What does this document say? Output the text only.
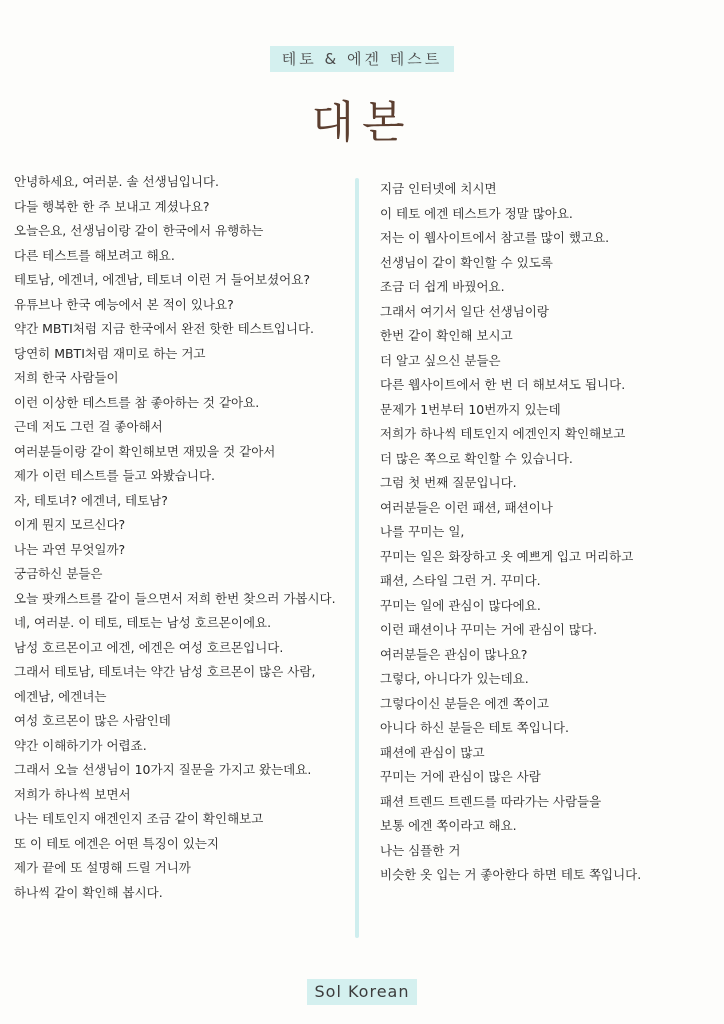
테토 & 에겐 테스트
대본
안녕하세요, 여러분. 솔 선생님입니다.
다들 행복한 한 주 보내고 계셨나요?
오늘은요, 선생님이랑 같이 한국에서 유행하는
다른 테스트를 해보려고 해요.
테토남, 에겐녀, 에겐남, 테토녀 이런 거 들어보셨어요?
유튜브나 한국 예능에서 본 적이 있나요?
약간 MBTI처럼 지금 한국에서 완전 핫한 테스트입니다.
당연히 MBTI처럼 재미로 하는 거고
저희 한국 사람들이
이런 이상한 테스트를 참 좋아하는 것 같아요.
근데 저도 그런 걸 좋아해서
여러분들이랑 같이 확인해보면 재밌을 것 같아서
제가 이런 테스트를 들고 와봤습니다.
자, 테토녀? 에겐녀, 테토남?
이게 뭔지 모르신다?
나는 과연 무엇일까?
궁금하신 분들은
오늘 팟캐스트를 같이 들으면서 저희 한번 찾으러 가봅시다.
네, 여러분. 이 테토, 테토는 남성 호르몬이에요.
남성 호르몬이고 에겐, 에겐은 여성 호르몬입니다.
그래서 테토남, 테토녀는 약간 남성 호르몬이 많은 사람,
에겐남, 에겐녀는
여성 호르몬이 많은 사람인데
약간 이해하기가 어렵죠.
그래서 오늘 선생님이 10가지 질문을 가지고 왔는데요.
저희가 하나씩 보면서
나는 테토인지 애겐인지 조금 같이 확인해보고
또 이 테토 에겐은 어떤 특징이 있는지
제가 끝에 또 설명해 드릴 거니까
하나씩 같이 확인해 봅시다.
지금 인터넷에 치시면
이 테토 에겐 테스트가 정말 많아요.
저는 이 웹사이트에서 참고를 많이 했고요.
선생님이 같이 확인할 수 있도록
조금 더 쉽게 바꿨어요.
그래서 여기서 일단 선생님이랑
한번 같이 확인해 보시고
더 알고 싶으신 분들은
다른 웹사이트에서 한 번 더 해보셔도 됩니다.
문제가 1번부터 10번까지 있는데
저희가 하나씩 테토인지 에겐인지 확인해보고
더 많은 쪽으로 확인할 수 있습니다.
그럼 첫 번째 질문입니다.
여러분들은 이런 패션, 패션이나
나를 꾸미는 일,
꾸미는 일은 화장하고 옷 예쁘게 입고 머리하고
패션, 스타일 그런 거. 꾸미다.
꾸미는 일에 관심이 많다에요.
이런 패션이나 꾸미는 거에 관심이 많다.
여러분들은 관심이 많나요?
그렇다, 아니다가 있는데요.
그렇다이신 분들은 에겐 쪽이고
아니다 하신 분들은 테토 쪽입니다.
패션에 관심이 많고
꾸미는 거에 관심이 많은 사람
패션 트렌드 트렌드를 따라가는 사람들을
보통 에겐 쪽이라고 해요.
나는 심플한 거
비슷한 옷 입는 거 좋아한다 하면 테토 쪽입니다.
Sol Korean
